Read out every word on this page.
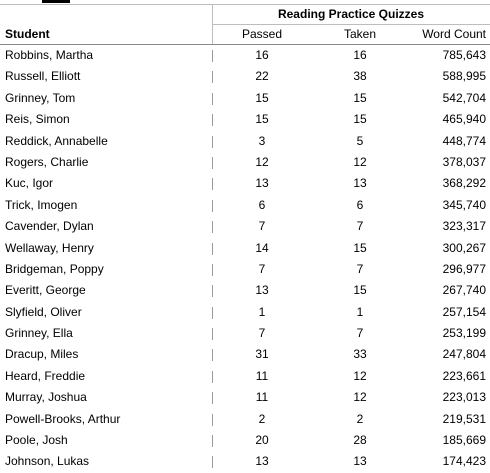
Reading Practice Quizzes
Student	Passed	Taken	Word Count
Robbins, Martha	16	16	785,643
Russell, Elliott	22	38	588,995
Grinney, Tom	15	15	542,704
Reis, Simon	15	15	465,940
Reddick, Annabelle	3	5	448,774
Rogers, Charlie	12	12	378,037
Kuc, Igor	13	13	368,292
Trick, Imogen	6	6	345,740
Cavender, Dylan	7	7	323,317
Wellaway, Henry	14	15	300,267
Bridgeman, Poppy	7	7	296,977
Everitt, George	13	15	267,740
Slyfield, Oliver	1	1	257,154
Grinney, Ella	7	7	253,199
Dracup, Miles	31	33	247,804
Heard, Freddie	11	12	223,661
Murray, Joshua	11	12	223,013
Powell-Brooks, Arthur	2	2	219,531
Poole, Josh	20	28	185,669
Johnson, Lukas	13	13	174,423
